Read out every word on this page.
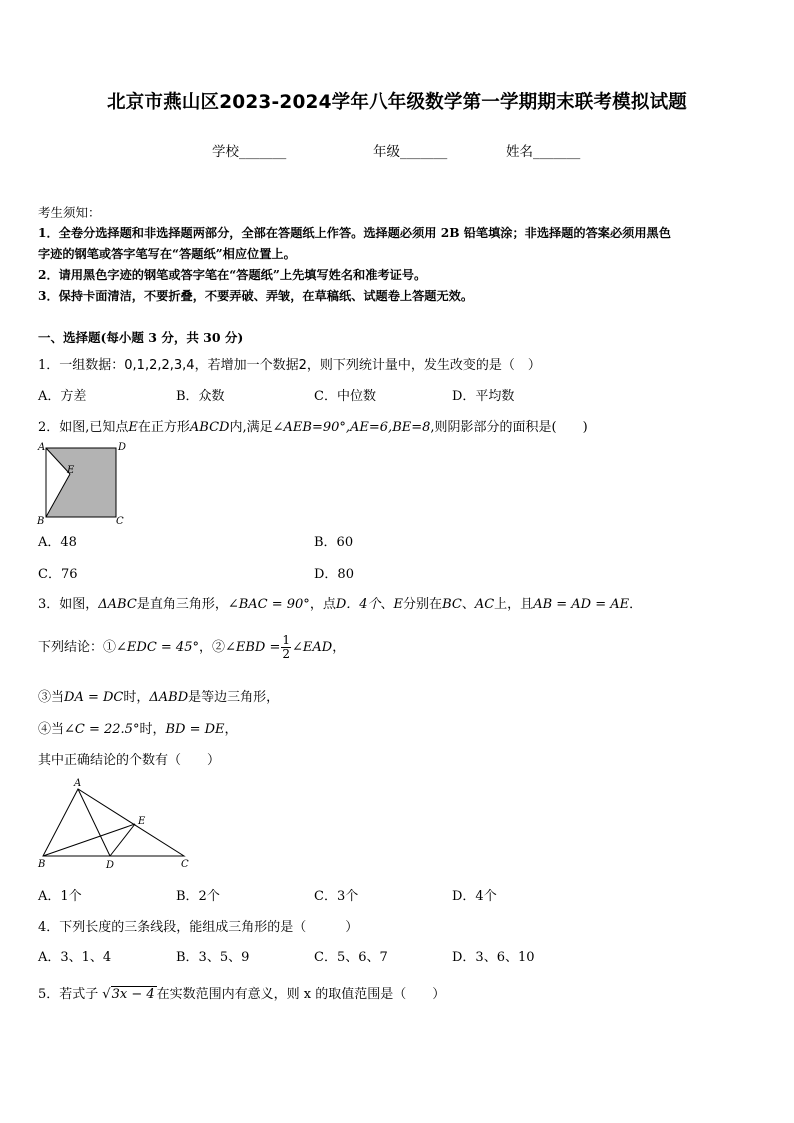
北京市燕山区2023-2024学年八年级数学第一学期期末联考模拟试题
学校_______	年级_______	姓名_______
考生须知：
1．全卷分选择题和非选择题两部分，全部在答题纸上作答。选择题必须用 2B 铅笔填涂；非选择题的答案必须用黑色
字迹的钢笔或答字笔写在“答题纸”相应位置上。
2．请用黑色字迹的钢笔或答字笔在“答题纸”上先填写姓名和准考证号。
3．保持卡面清洁，不要折叠，不要弄破、弄皱，在草稿纸、试题卷上答题无效。
一、选择题(每小题 3 分，共 30 分)
1．一组数据：0,1,2,2,3,4，若增加一个数据2，则下列统计量中，发生改变的是（　）
A．方差	B．众数	C．中位数	D．平均数
2．如图,已知点E在正方形ABCD内,满足∠AEB=90°,AE=6,BE=8,则阴影部分的面积是(　　)
A	D
B	C
E
A．48	B．60
C．76	D．80
3．如图，ΔABC是直角三角形，∠BAC = 90°，点D．4个、E分别在BC、AC上，且AB = AD = AE．
下列结论：①∠EDC = 45°，②∠EBD = $\frac{1}{2}$ ∠EAD，
③当DA = DC时，ΔABD是等边三角形，
④当∠C = 22.5°时，BD = DE，
其中正确结论的个数有（　　）
A
B	D	C
E
A．1个	B．2个	C．3个	D．4个
4．下列长度的三条线段，能组成三角形的是（　　　）
A．3、1、4	B．3、5、9	C．5、6、7	D．3、6、10
5．若式子 √3x − 4 在实数范围内有意义，则 x 的取值范围是（　　）
